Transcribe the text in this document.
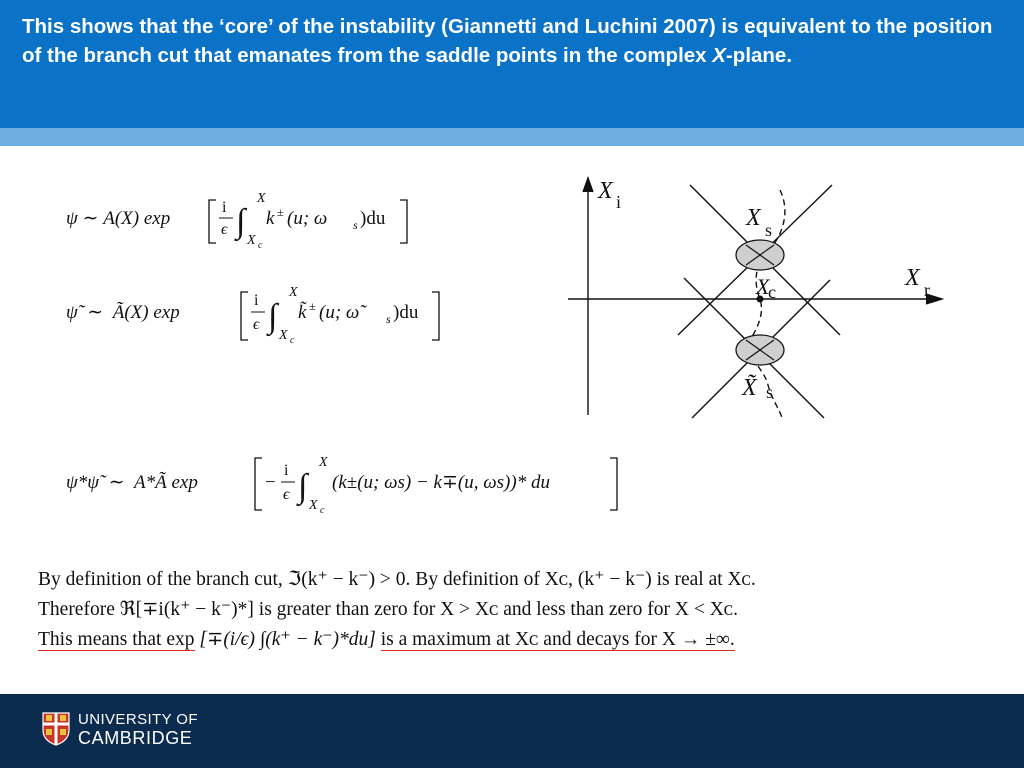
This shows that the ‘core’ of the instability (Giannetti and Luchini 2007) is equivalent to the position of the branch cut that emanates from the saddle points in the complex X-plane.

ψ ∼ A(X) exp
i
ϵ ∫
X
X c
k ± (u; ω s )du
ψ̃  ∼  Ã(X) exp
i
ϵ ∫
X
X c
k̃ ± (u; ω̃	s )du
ψ*ψ̃  ∼  A*Ã exp	−
i
ϵ ∫
X
X c
(k±(u; ωs) − k∓(u, ωs))* du
X i
X r
X s
X
c
X̃ s
By definition of the branch cut, ℑ(k⁺ − k⁻) > 0. By definition of Xᴄ, (k⁺ − k⁻) is real at Xᴄ.
Therefore ℜ[∓i(k⁺ − k⁻)*] is greater than zero for X > Xᴄ and less than zero for X < Xᴄ.
This means that exp [∓(i/ϵ) ∫(k⁺ − k⁻)*du] is a maximum at Xᴄ and decays for X → ±∞.
UNIVERSITY OF
CAMBRIDGE
